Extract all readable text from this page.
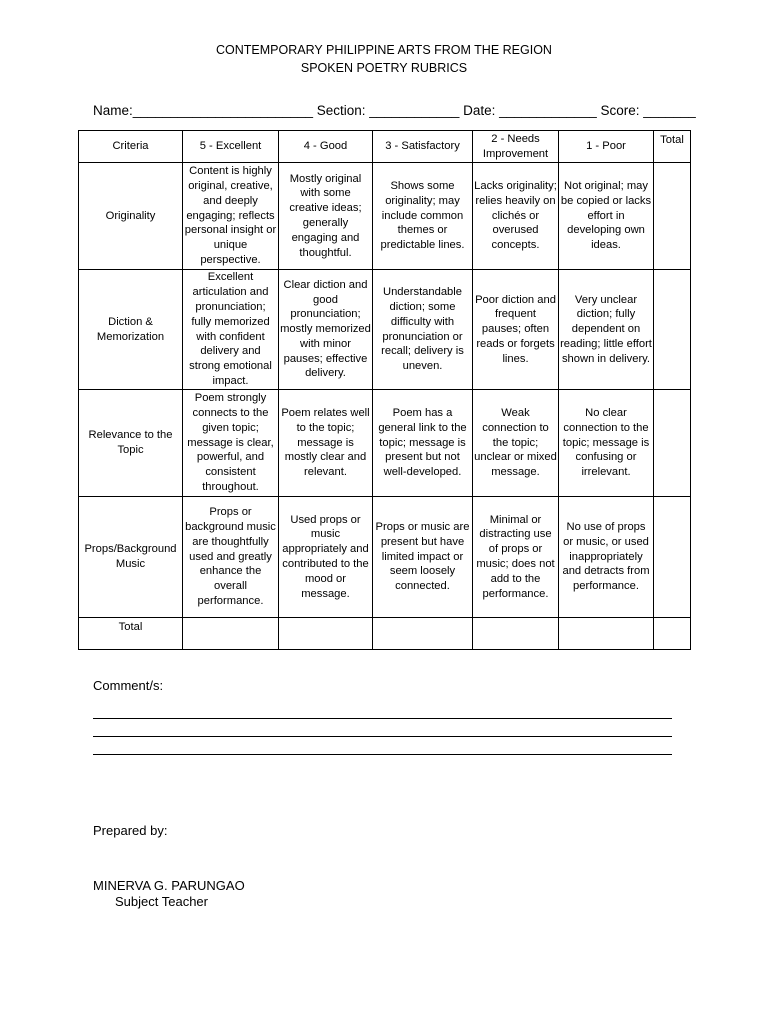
CONTEMPORARY PHILIPPINE ARTS FROM THE REGION
SPOKEN POETRY RUBRICS
Name:________________________ Section: ____________ Date: _____________ Score: _______
Criteria	5 - Excellent	4 - Good	3 - Satisfactory	2 - Needs Improvement	1 - Poor	Total
Originality	Content is highly original, creative, and deeply engaging; reflects personal insight or unique perspective.	Mostly original with some creative ideas; generally engaging and thoughtful.	Shows some originality; may include common themes or predictable lines.	Lacks originality; relies heavily on clichés or overused concepts.	Not original; may be copied or lacks effort in developing own ideas.	
Diction & Memorization	Excellent articulation and pronunciation; fully memorized with confident delivery and strong emotional impact.	Clear diction and good pronunciation; mostly memorized with minor pauses; effective delivery.	Understandable diction; some difficulty with pronunciation or recall; delivery is uneven.	Poor diction and frequent pauses; often reads or forgets lines.	Very unclear diction; fully dependent on reading; little effort shown in delivery.	
Relevance to the Topic	Poem strongly connects to the given topic; message is clear, powerful, and consistent throughout.	Poem relates well to the topic; message is mostly clear and relevant.	Poem has a general link to the topic; message is present but not well-developed.	Weak connection to the topic; unclear or mixed message.	No clear connection to the topic; message is confusing or irrelevant.	
Props/Background Music	Props or background music are thoughtfully used and greatly enhance the overall performance.	Used props or music appropriately and contributed to the mood or message.	Props or music are present but have limited impact or seem loosely connected.	Minimal or distracting use of props or music; does not add to the performance.	No use of props or music, or used inappropriately and detracts from performance.	
Total						
Comment/s:
Prepared by:
MINERVA G. PARUNGAO
Subject Teacher
